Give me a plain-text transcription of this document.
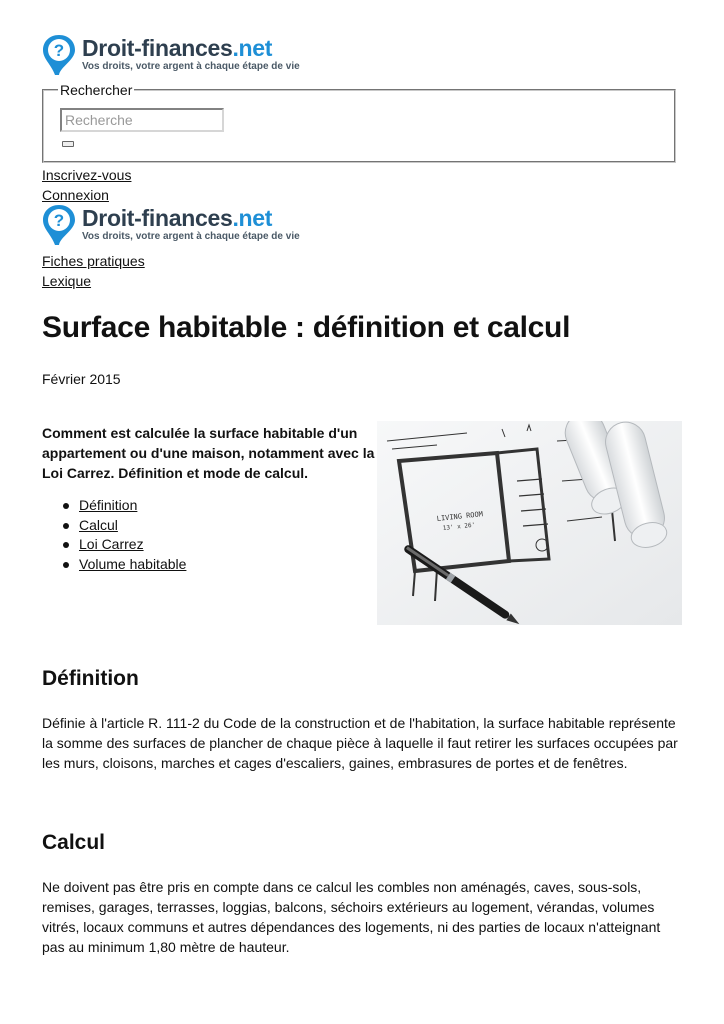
? Droit-finances.net
Vos droits, votre argent à chaque étape de vie
Rechercher
Recherche
Inscrivez-vous
Connexion
? Droit-finances.net
Vos droits, votre argent à chaque étape de vie
Fiches pratiques
Lexique
Surface habitable : définition et calcul
Février 2015
Comment est calculée la surface habitable d'un appartement ou d'une maison, notamment avec la Loi Carrez. Définition et mode de calcul.
Définition
Calcul
Loi Carrez
Volume habitable
LIVING ROOM
13' x 26'
Définition

Définie à l'article R. 111-2 du Code de la construction et de l'habitation, la surface habitable représente la somme des surfaces de plancher de chaque pièce à laquelle il faut retirer les surfaces occupées par les murs, cloisons, marches et cages d'escaliers, gaines, embrasures de portes et de fenêtres.

Calcul

Ne doivent pas être pris en compte dans ce calcul les combles non aménagés, caves, sous-sols, remises, garages, terrasses, loggias, balcons, séchoirs extérieurs au logement, vérandas, volumes vitrés, locaux communs et autres dépendances des logements, ni des parties de locaux n'atteignant pas au minimum 1,80 mètre de hauteur.
